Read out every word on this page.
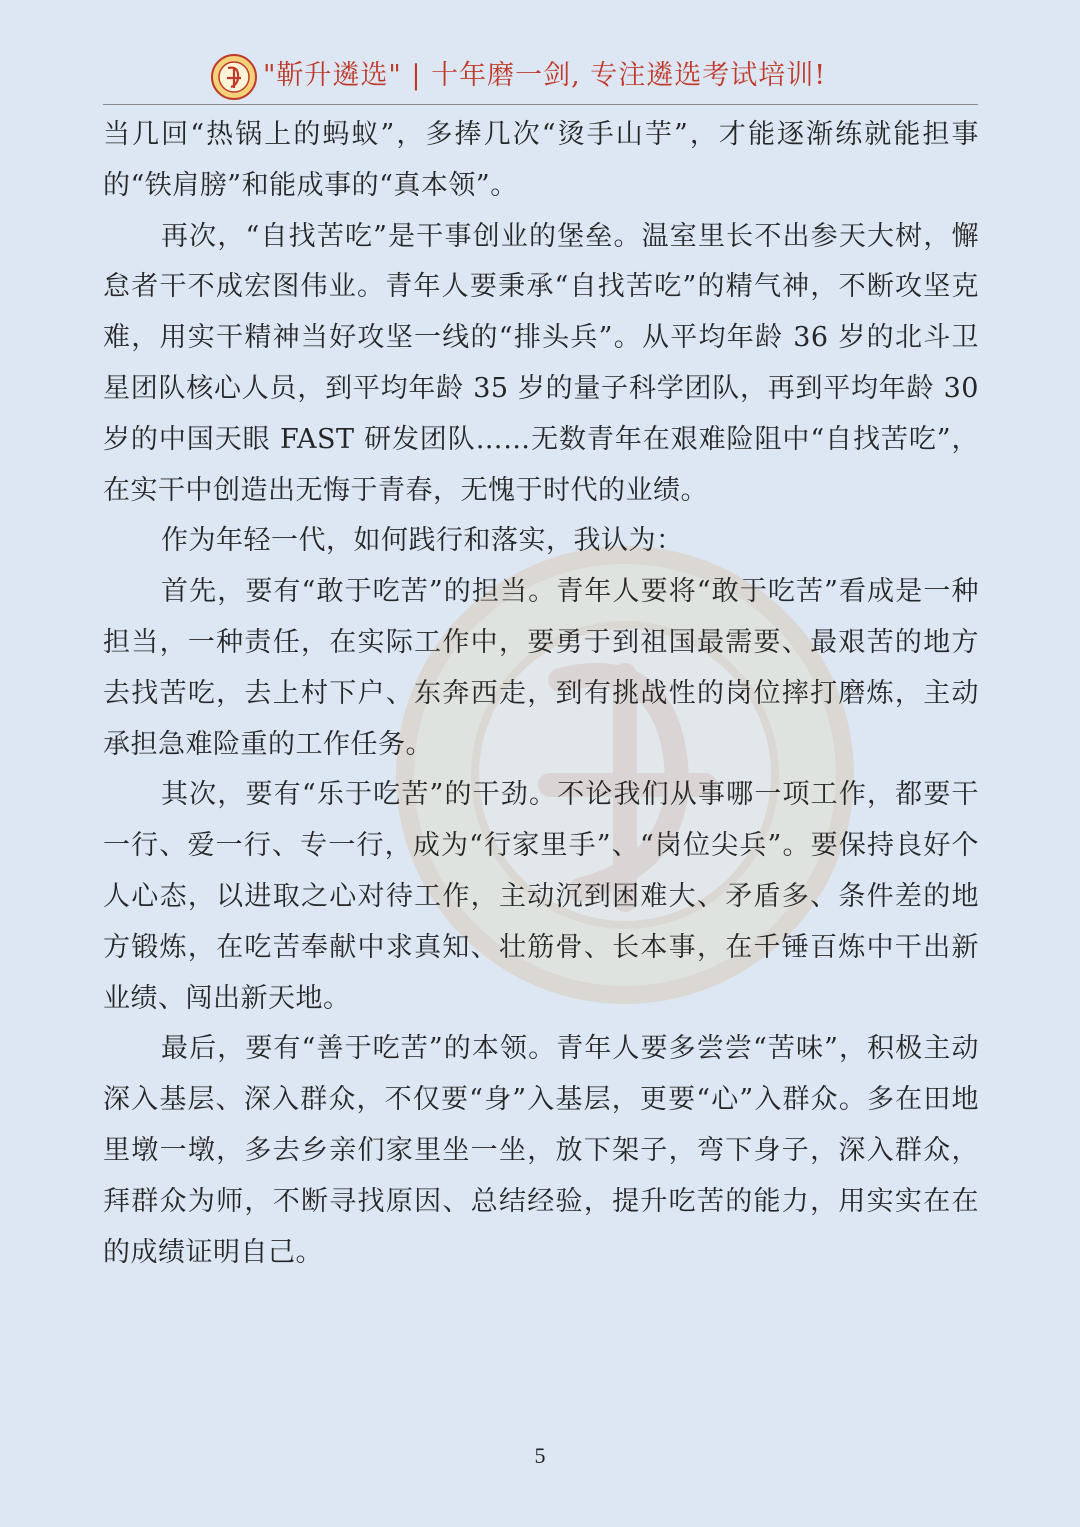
"靳升遴选" | 十年磨一剑, 专注遴选考试培训!

当几回“热锅上的蚂蚁”，多捧几次“烫手山芋”，才能逐渐练就能担事的“铁肩膀”和能成事的“真本领”。

再次，“自找苦吃”是干事创业的堡垒。温室里长不出参天大树，懈怠者干不成宏图伟业。青年人要秉承“自找苦吃”的精气神，不断攻坚克难，用实干精神当好攻坚一线的“排头兵”。从平均年龄 36 岁的北斗卫星团队核心人员，到平均年龄 35 岁的量子科学团队，再到平均年龄 30 岁的中国天眼 FAST 研发团队……无数青年在艰难险阻中“自找苦吃”，在实干中创造出无悔于青春，无愧于时代的业绩。

作为年轻一代，如何践行和落实，我认为：

首先，要有“敢于吃苦”的担当。青年人要将“敢于吃苦”看成是一种担当，一种责任，在实际工作中，要勇于到祖国最需要、最艰苦的地方去找苦吃，去上村下户、东奔西走，到有挑战性的岗位摔打磨炼，主动承担急难险重的工作任务。

其次，要有“乐于吃苦”的干劲。不论我们从事哪一项工作，都要干一行、爱一行、专一行，成为“行家里手”、“岗位尖兵”。要保持良好个人心态，以进取之心对待工作，主动沉到困难大、矛盾多、条件差的地方锻炼，在吃苦奉献中求真知、壮筋骨、长本事，在千锤百炼中干出新业绩、闯出新天地。

最后，要有“善于吃苦”的本领。青年人要多尝尝“苦味”，积极主动深入基层、深入群众，不仅要“身”入基层，更要“心”入群众。多在田地里墩一墩，多去乡亲们家里坐一坐，放下架子，弯下身子，深入群众，拜群众为师，不断寻找原因、总结经验，提升吃苦的能力，用实实在在的成绩证明自己。

5
